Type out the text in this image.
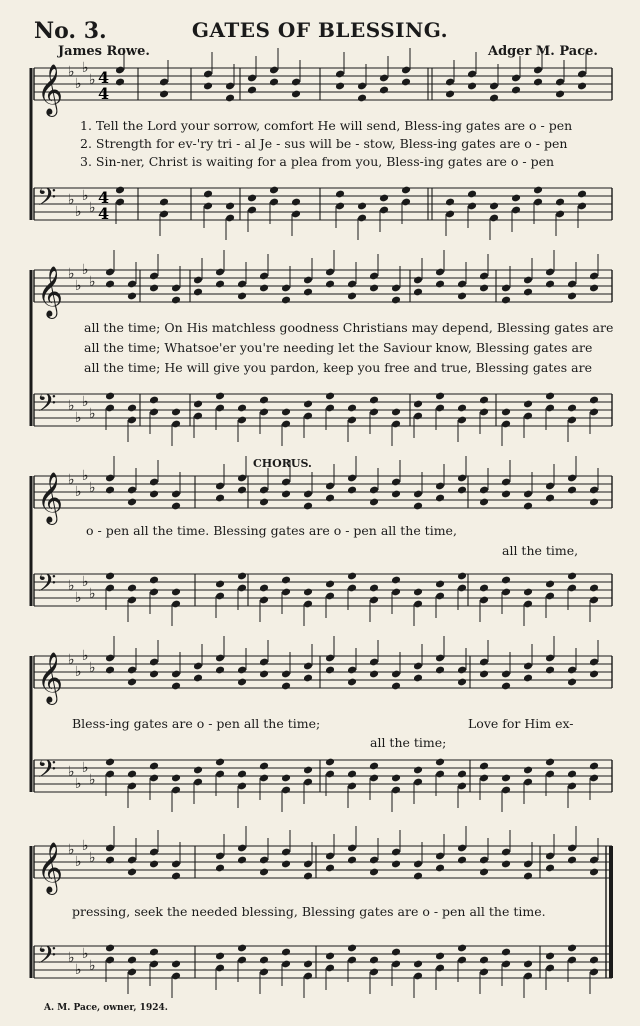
No. 3.	GATES OF BLESSING.
James Rowe.	Adger M. Pace.
𝄞 ♭
♭
♭
♭ 4
4
𝄢 ♭
♭
♭
♭
4
4
𝄞 ♭
♭
♭
♭
𝄢 ♭
♭
♭
♭
𝄞 ♭
♭
♭
♭
𝄢 ♭
♭
♭
♭
𝄞 ♭
♭
♭
♭
𝄢 ♭
♭
♭
♭
𝄞 ♭
♭
♭
♭
𝄢 ♭
♭
♭
♭
1. Tell the Lord your sorrow, comfort He will send, Bless-ing gates are o - pen
2. Strength for ev-'ry tri - al Je - sus will be - stow, Bless-ing gates are o - pen
3. Sin-ner, Christ is waiting for a plea from you, Bless-ing gates are o - pen
all the time; On His matchless goodness Christians may depend, Blessing gates are
all the time; Whatsoe'er you're needing let the Saviour know, Blessing gates are
all the time; He will give you pardon, keep you free and true, Blessing gates are
CHORUS.
o - pen all the time. Blessing gates are o - pen all the time,
all the time,
Bless-ing gates are o - pen all the time;	Love for Him ex-
all the time;
pressing, seek the needed blessing, Blessing gates are o - pen all the time.
A. M. Pace, owner, 1924.
